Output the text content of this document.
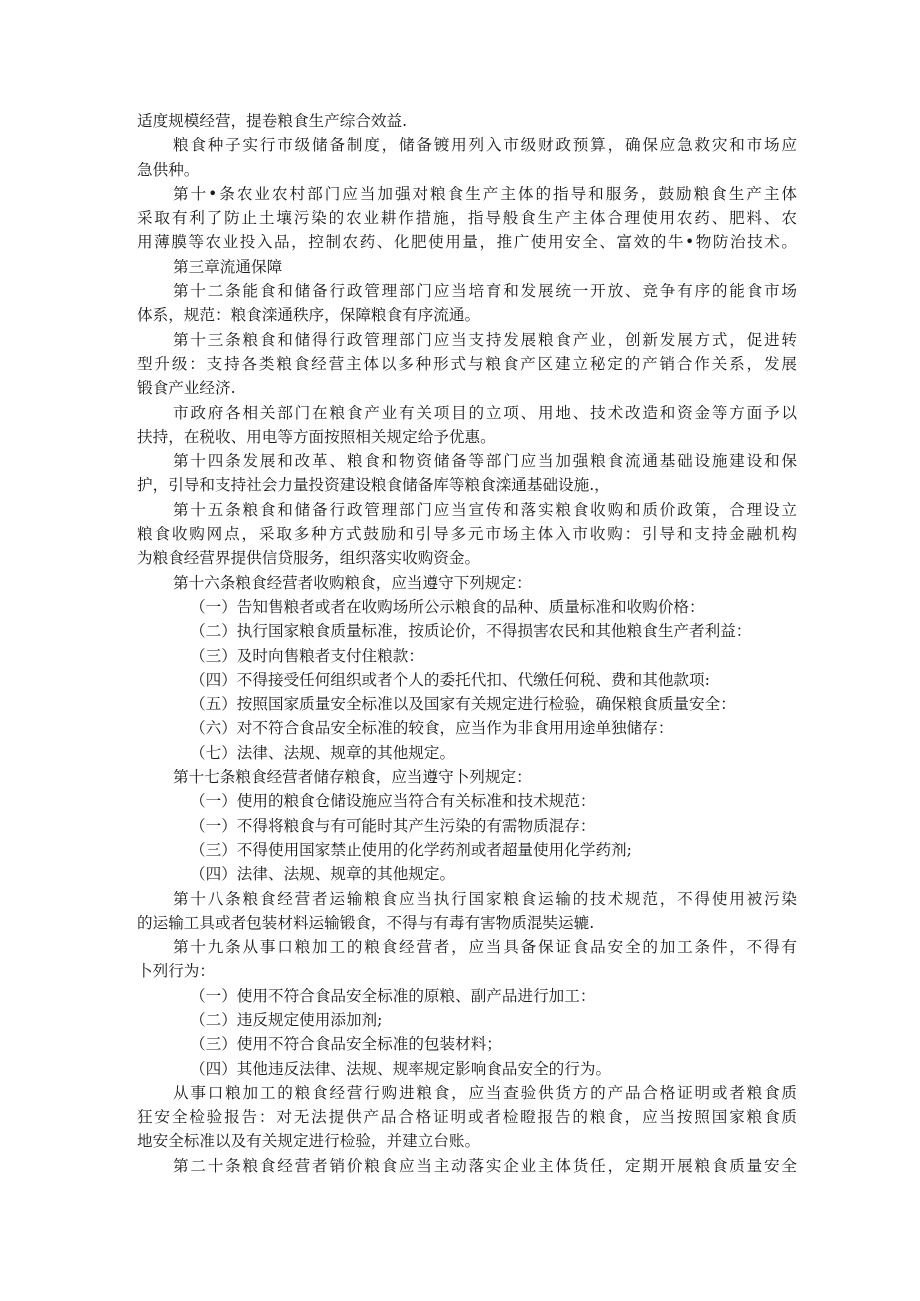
适度规模经营，提卷粮食生产综合效益.
粮食种子实行市级储备制度，储备镀用列入市级财政预算，确保应急救灾和市场应
急供种。
第十•条农业农村部门应当加强对粮食生产主体的指导和服务，鼓励粮食生产主体
采取有利了防止土壤污染的农业耕作措施，指导般食生产主体合理使用农药、肥料、农
用薄膜等农业投入品，控制农药、化肥使用量，推广使用安全、富效的牛•物防治技术。
第三章流通保障
第十二条能食和储备行政管理部门应当培育和发展统一开放、竞争有序的能食市场
体系，规范：粮食滦通秩序，保障粮食有序流通。
第十三条粮食和储得行政管理部门应当支持发展粮食产业，创新发展方式，促进转
型升级：支持各类粮食经营主体以多种形式与粮食产区建立秘定的产销合作关系，发展
锻食产业经济.
市政府各相关部门在粮食产业有关项目的立项、用地、技术改造和资金等方面予以
扶持，在税收、用电等方面按照相关规定给予优惠。
第十四条发展和改革、粮食和物资储备等部门应当加强粮食流通基础设施建设和保
护，引导和支持社会力量投资建设粮食储备库等粮食滦通基础设施.，
第十五条粮食和储备行政管理部门应当宣传和落实粮食收购和质价政策，合理设立
粮食收购网点，采取多种方式鼓励和引导多元市场主体入市收购：引导和支持金融机构
为粮食经营界提供信贷服务，组织落实收购资金。
第十六条粮食经营者收购粮食，应当遵守下列规定：
（一）告知售粮者或者在收购场所公示粮食的品种、质量标准和收购价格：
（二）执行国家粮食质量标准，按质论价，不得损害农民和其他粮食生产者利益：
（三）及时向售粮者支付住粮款：
（四）不得接受任何组织或者个人的委托代扣、代缴任何税、费和其他款项:
（五）按照国家质量安全标准以及国家有关规定进行检验，确保粮食质量安全：
（六）对不符合食品安全标准的较食，应当作为非食用用途单独储存：
（七）法律、法规、规章的其他规定。
第十七条粮食经营者储存粮食，应当遵守卜列规定：
（一）使用的粮食仓储设施应当符合有关标准和技术规范：
（一）不得将粮食与有可能时其产生污染的有需物质混存：
（三）不得使用国家禁止使用的化学药剂或者超量使用化学药剂;
（四）法律、法规、规章的其他规定。
第十八条粮食经营者运输粮食应当执行国家粮食运输的技术规范，不得使用被污染
的运输工具或者包装材料运输锻食，不得与有毒有害物质混奘运辘.
第十九条从事口粮加工的粮食经营者，应当具备保证食品安全的加工条件，不得有
卜列行为：
（一）使用不符合食品安全标准的原粮、副产品进行加工：
（二）违反规定使用添加剂;
（三）使用不符合食品安全标准的包装材料；
（四）其他违反法律、法规、规率规定影响食品安全的行为。
从事口粮加工的粮食经营行购进粮食，应当查验供货方的产品合格证明或者粮食质
狂安全检验报告：对无法提供产品合格证明或者检瞪报告的粮食，应当按照国家粮食质
地安全标准以及有关规定进行检验，并建立台账。
第二十条粮食经营者销价粮食应当主动落实企业主体货任，定期开展粮食质量安全
